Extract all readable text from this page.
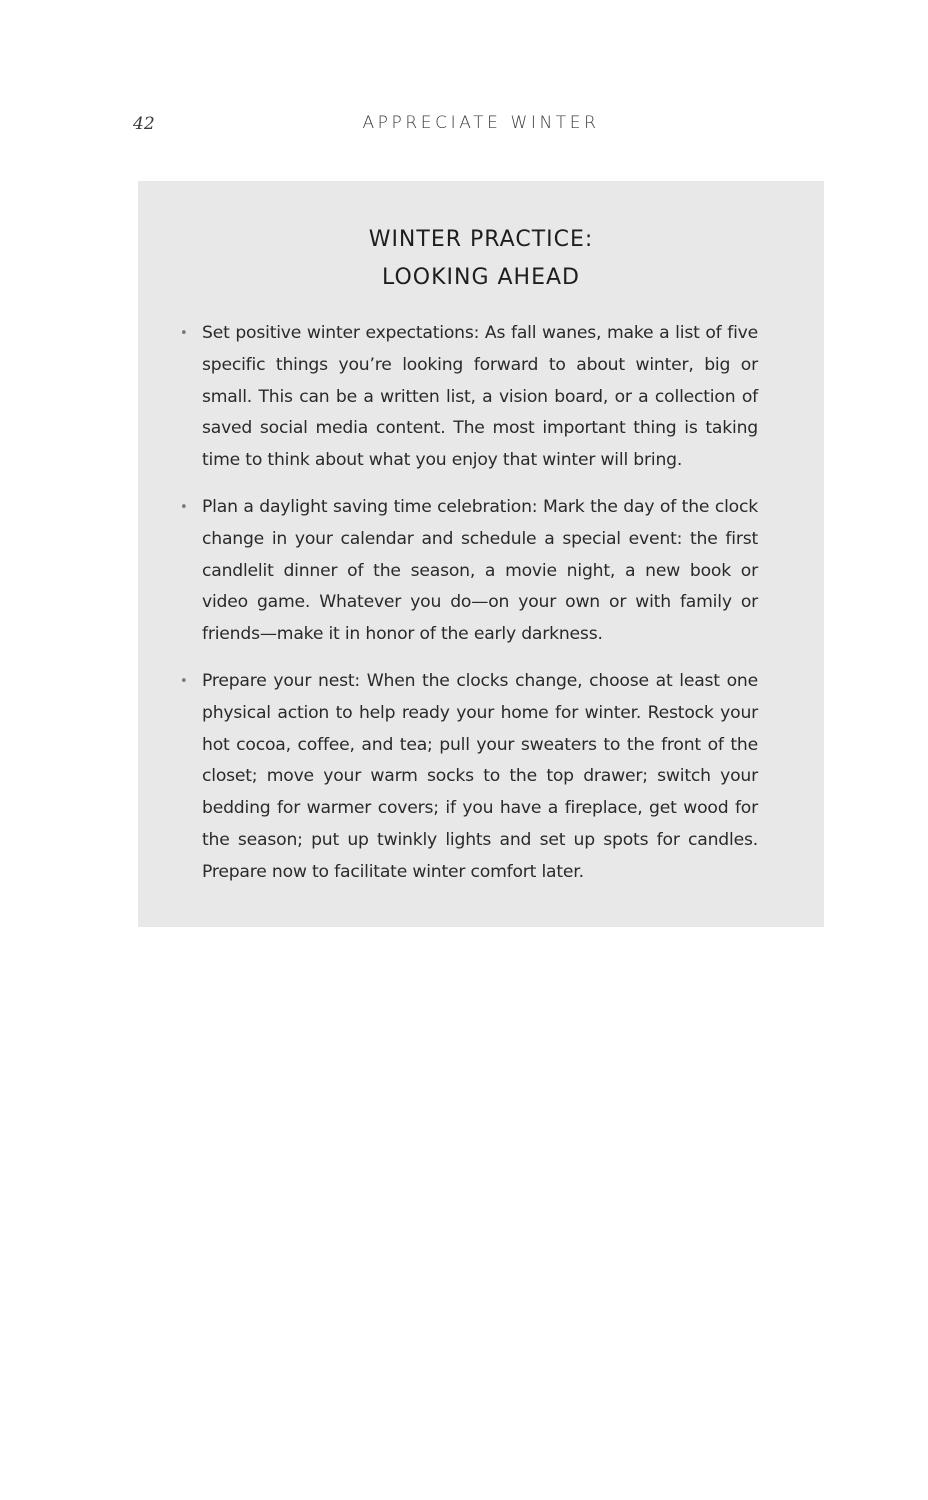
42	APPRECIATE WINTER
WINTER PRACTICE:
LOOKING AHEAD
• Set positive winter expectations: As fall wanes, make a list of five specific things you’re looking forward to about winter, big or small. This can be a written list, a vision board, or a collection of saved social media content. The most important thing is taking time to think about what you enjoy that winter will bring.
• Plan a daylight saving time celebration: Mark the day of the clock change in your calendar and schedule a special event: the first candlelit dinner of the season, a movie night, a new book or video game. Whatever you do—on your own or with family or friends—make it in honor of the early darkness.
• Prepare your nest: When the clocks change, choose at least one physical action to help ready your home for winter. Restock your hot cocoa, coffee, and tea; pull your sweaters to the front of the closet; move your warm socks to the top drawer; switch your bedding for warmer covers; if you have a fireplace, get wood for the season; put up twinkly lights and set up spots for candles. Prepare now to facilitate winter comfort later.
